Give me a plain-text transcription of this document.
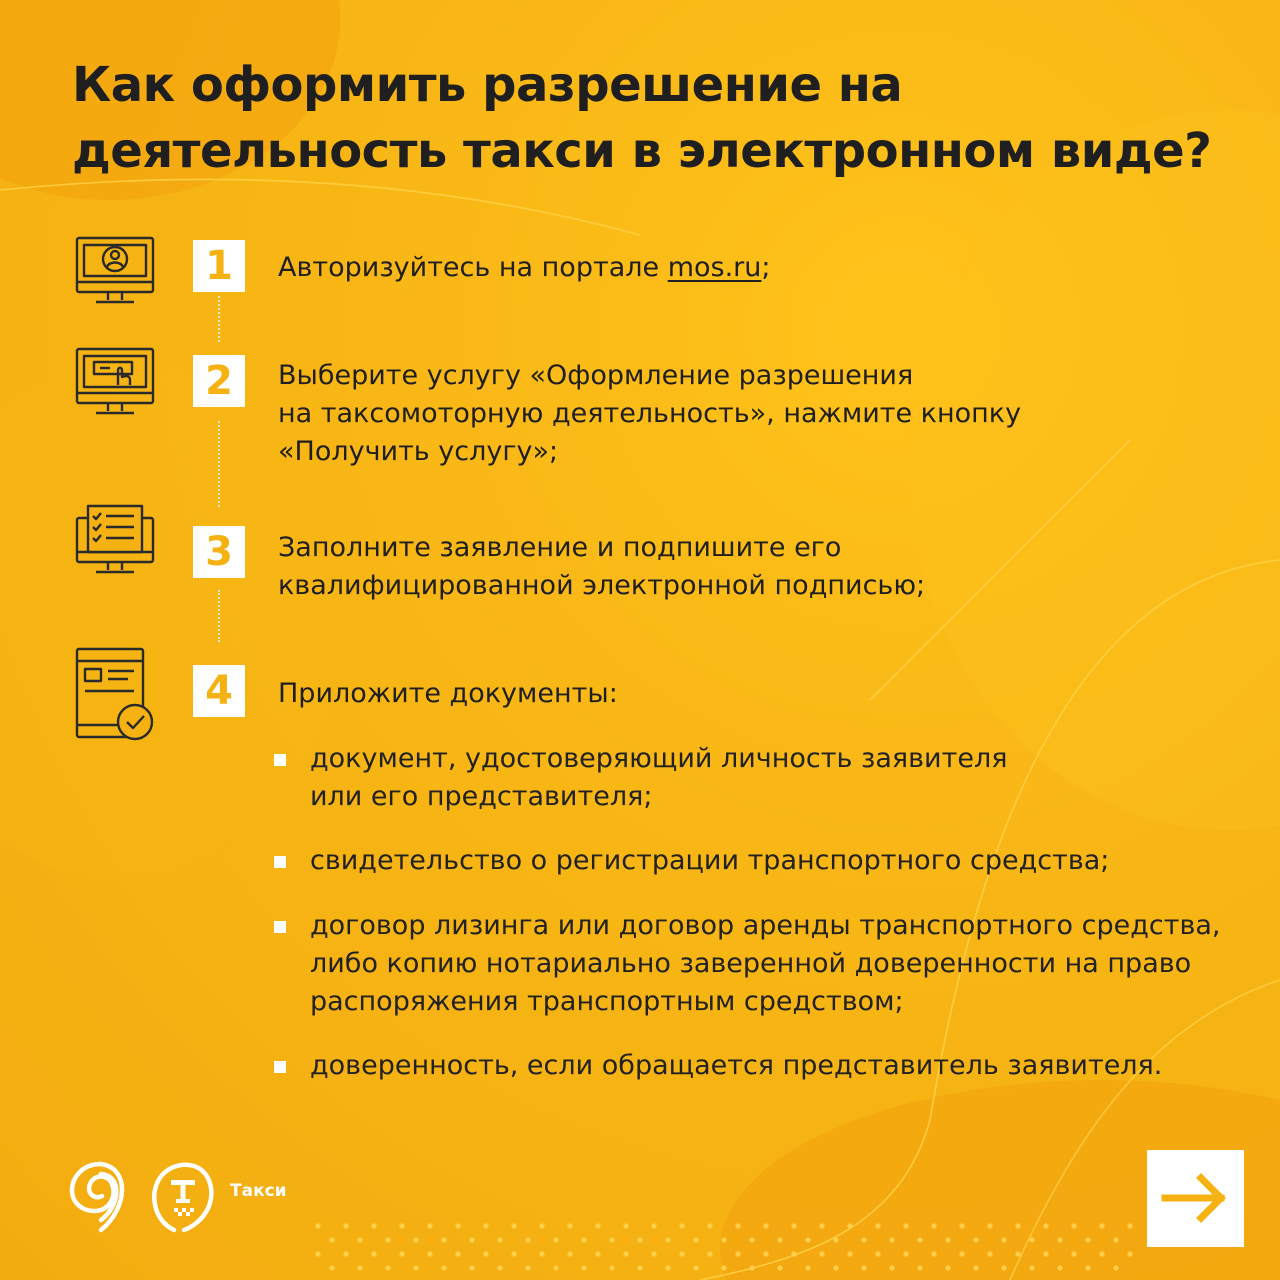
Как оформить разрешение на деятельность такси в электронном виде?
1	Авторизуйтесь на портале mos.ru;
2	Выберите услугу «Оформление разрешения
на таксомоторную деятельность», нажмите кнопку
«Получить услугу»;
3	Заполните заявление и подпишите его
квалифицированной электронной подписью;
4	Приложите документы:
документ, удостоверяющий личность заявителя
или его представителя;
свидетельство о регистрации транспортного средства;
договор лизинга или договор аренды транспортного средства,
либо копию нотариально заверенной доверенности на право
распоряжения транспортным средством;
доверенность, если обращается представитель заявителя.
Такси
